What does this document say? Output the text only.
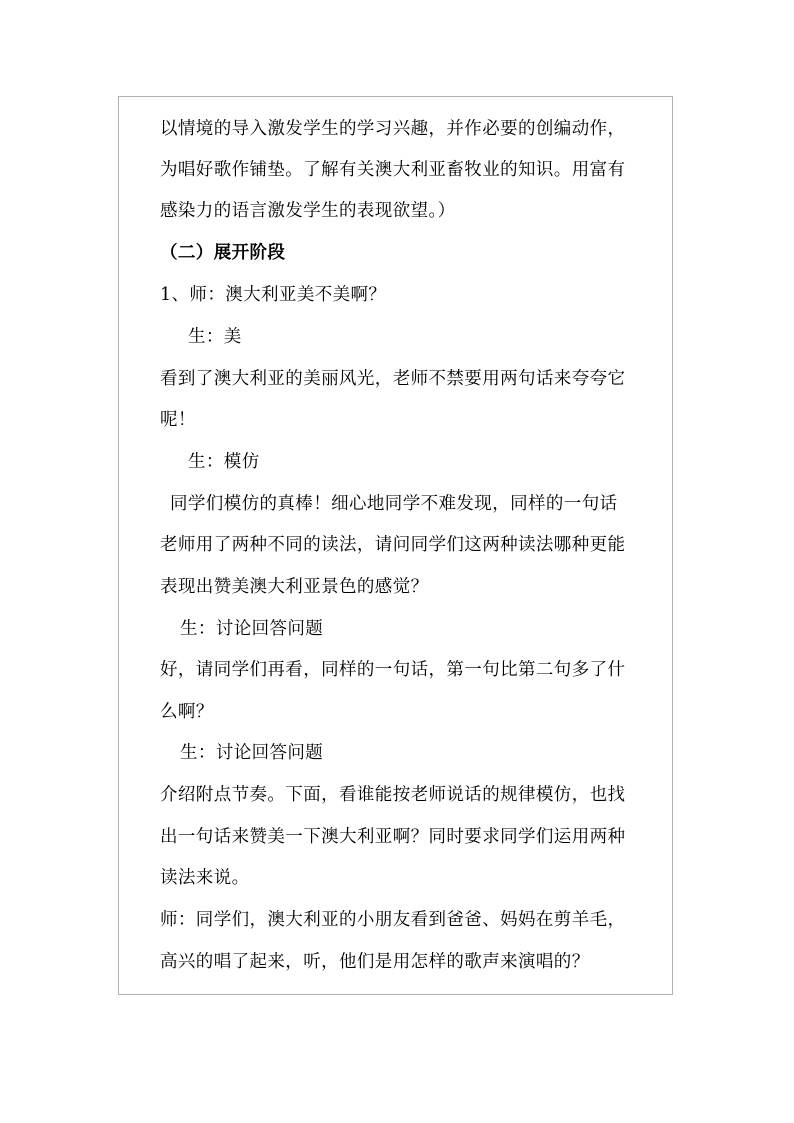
以情境的导入激发学生的学习兴趣，并作必要的创编动作，
为唱好歌作铺垫。了解有关澳大利亚畜牧业的知识。用富有
感染力的语言激发学生的表现欲望。）
（二）展开阶段
1、师：澳大利亚美不美啊？
生：美
看到了澳大利亚的美丽风光，老师不禁要用两句话来夸夸它
呢！
生：模仿
同学们模仿的真棒！细心地同学不难发现，同样的一句话
老师用了两种不同的读法，请问同学们这两种读法哪种更能
表现出赞美澳大利亚景色的感觉？
生：讨论回答问题
好，请同学们再看，同样的一句话，第一句比第二句多了什
么啊？
生：讨论回答问题
介绍附点节奏。下面，看谁能按老师说话的规律模仿，也找
出一句话来赞美一下澳大利亚啊？同时要求同学们运用两种
读法来说。
师：同学们，澳大利亚的小朋友看到爸爸、妈妈在剪羊毛，
高兴的唱了起来，听，他们是用怎样的歌声来演唱的？
